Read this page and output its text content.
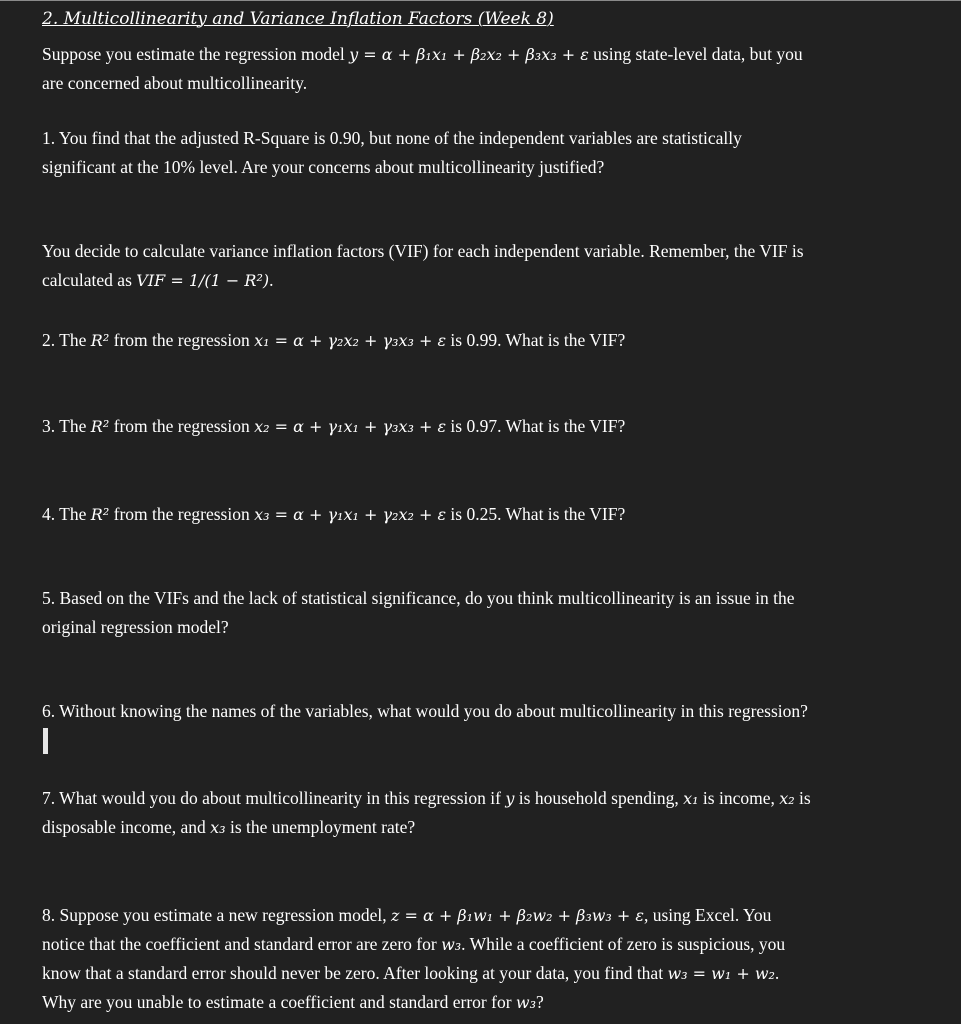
2. Multicollinearity and Variance Inflation Factors (Week 8)
Suppose you estimate the regression model y = α + β₁x₁ + β₂x₂ + β₃x₃ + ε using state-level data, but you
are concerned about multicollinearity.
1. You find that the adjusted R-Square is 0.90, but none of the independent variables are statistically
significant at the 10% level. Are your concerns about multicollinearity justified?
You decide to calculate variance inflation factors (VIF) for each independent variable. Remember, the VIF is
calculated as VIF = 1/(1 − R²).
2. The R² from the regression x₁ = α + γ₂x₂ + γ₃x₃ + ε is 0.99. What is the VIF?
3. The R² from the regression x₂ = α + γ₁x₁ + γ₃x₃ + ε is 0.97. What is the VIF?
4. The R² from the regression x₃ = α + γ₁x₁ + γ₂x₂ + ε is 0.25. What is the VIF?
5. Based on the VIFs and the lack of statistical significance, do you think multicollinearity is an issue in the
original regression model?
6. Without knowing the names of the variables, what would you do about multicollinearity in this regression?
7. What would you do about multicollinearity in this regression if y is household spending, x₁ is income, x₂ is
disposable income, and x₃ is the unemployment rate?
8. Suppose you estimate a new regression model, z = α + β₁w₁ + β₂w₂ + β₃w₃ + ε, using Excel. You
notice that the coefficient and standard error are zero for w₃. While a coefficient of zero is suspicious, you
know that a standard error should never be zero. After looking at your data, you find that w₃ = w₁ + w₂.
Why are you unable to estimate a coefficient and standard error for w₃?
